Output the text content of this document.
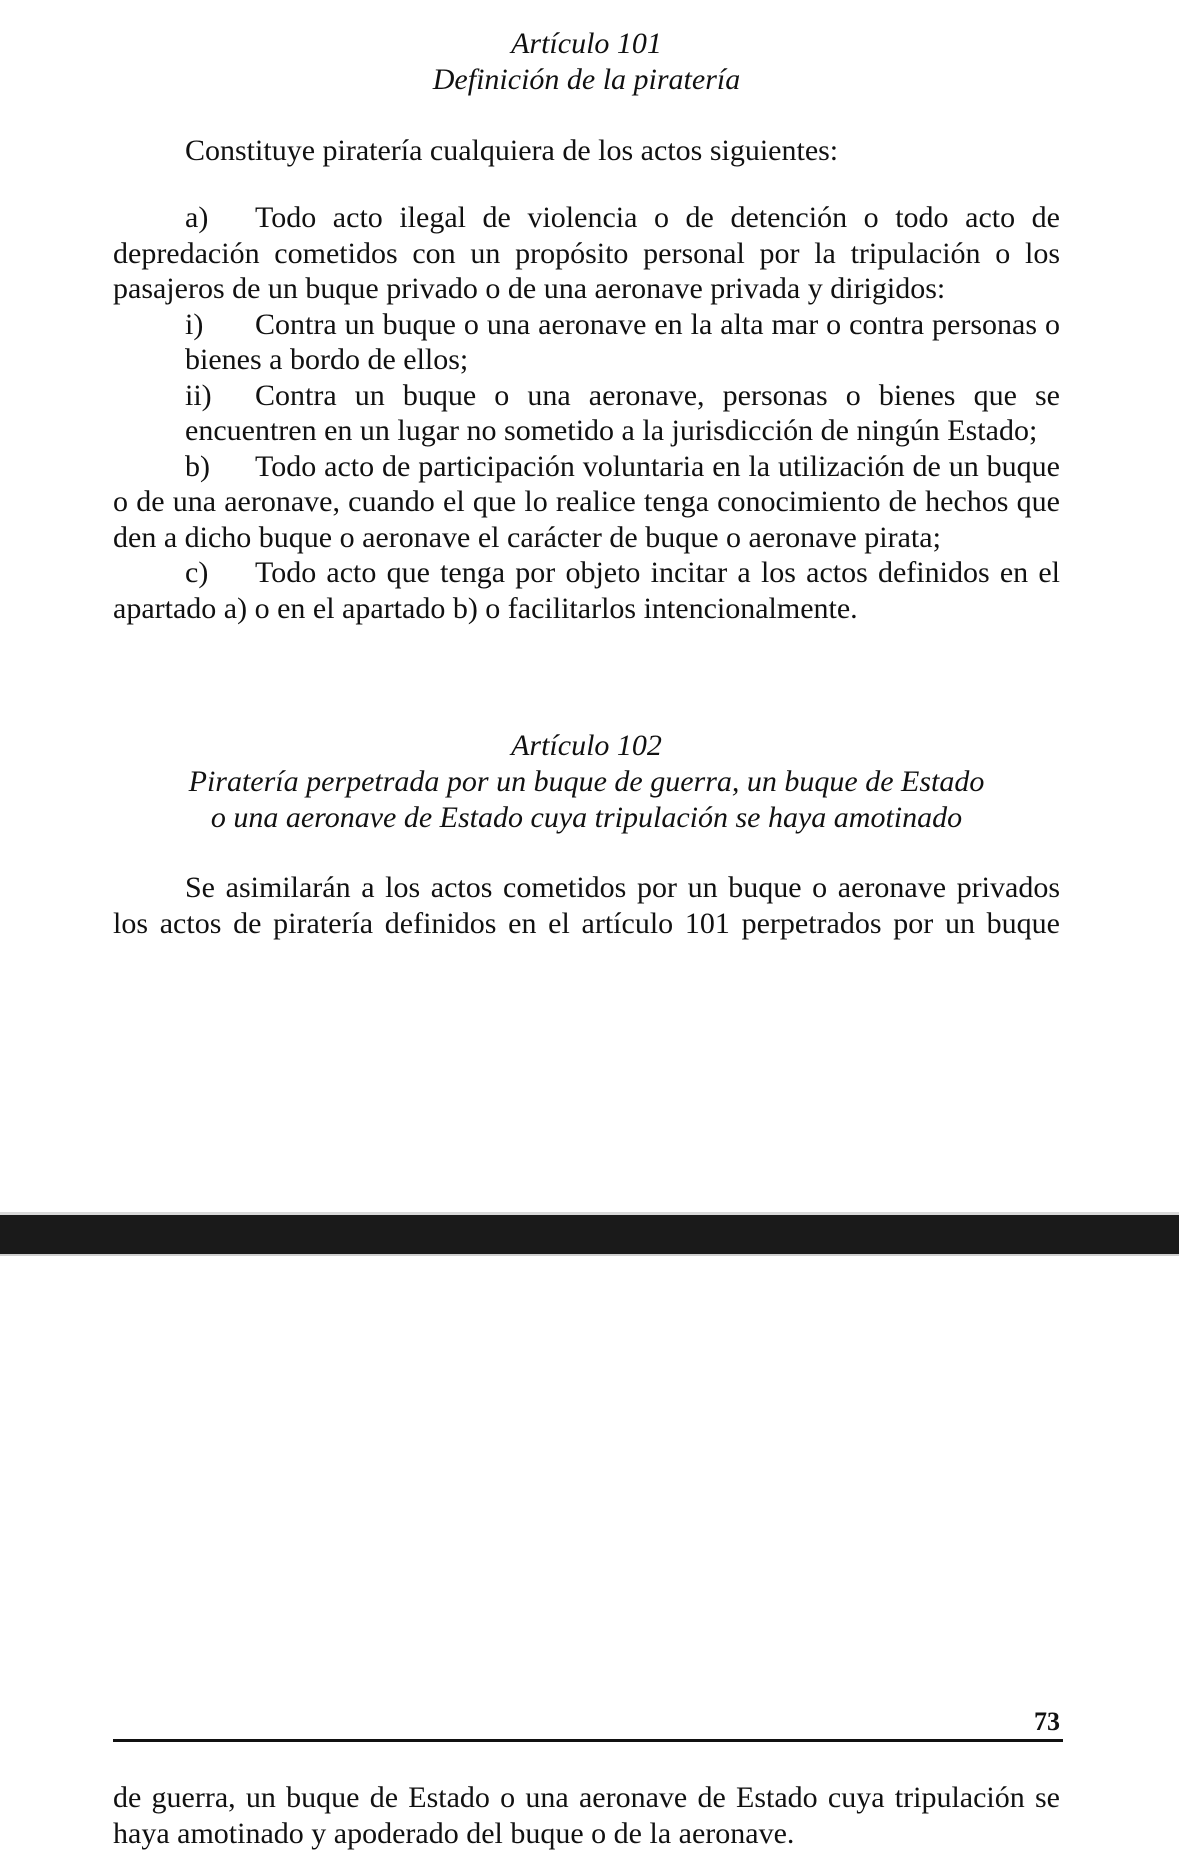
Artículo 101

Definición de la piratería

Constituye piratería cualquiera de los actos siguientes:

a) Todo acto ilegal de violencia o de detención o todo acto de depredación cometidos con un propósito personal por la tripulación o los pasajeros de un buque privado o de una aeronave privada y dirigidos:

i) Contra un buque o una aeronave en la alta mar o contra personas o bienes a bordo de ellos;

ii) Contra un buque o una aeronave, personas o bienes que se encuentren en un lugar no sometido a la jurisdicción de ningún Estado;

b) Todo acto de participación voluntaria en la utilización de un buque o de una aeronave, cuando el que lo realice tenga conocimiento de hechos que den a dicho buque o aeronave el carácter de buque o aeronave pirata;

c) Todo acto que tenga por objeto incitar a los actos definidos en el apartado a) o en el apartado b) o facilitarlos intencionalmente.

Artículo 102

Piratería perpetrada por un buque de guerra, un buque de Estado

o una aeronave de Estado cuya tripulación se haya amotinado

Se asimilarán a los actos cometidos por un buque o aeronave privados los actos de piratería definidos en el artículo 101 perpetrados por un buque

73

de guerra, un buque de Estado o una aeronave de Estado cuya tripulación se haya amotinado y apoderado del buque o de la aeronave.
